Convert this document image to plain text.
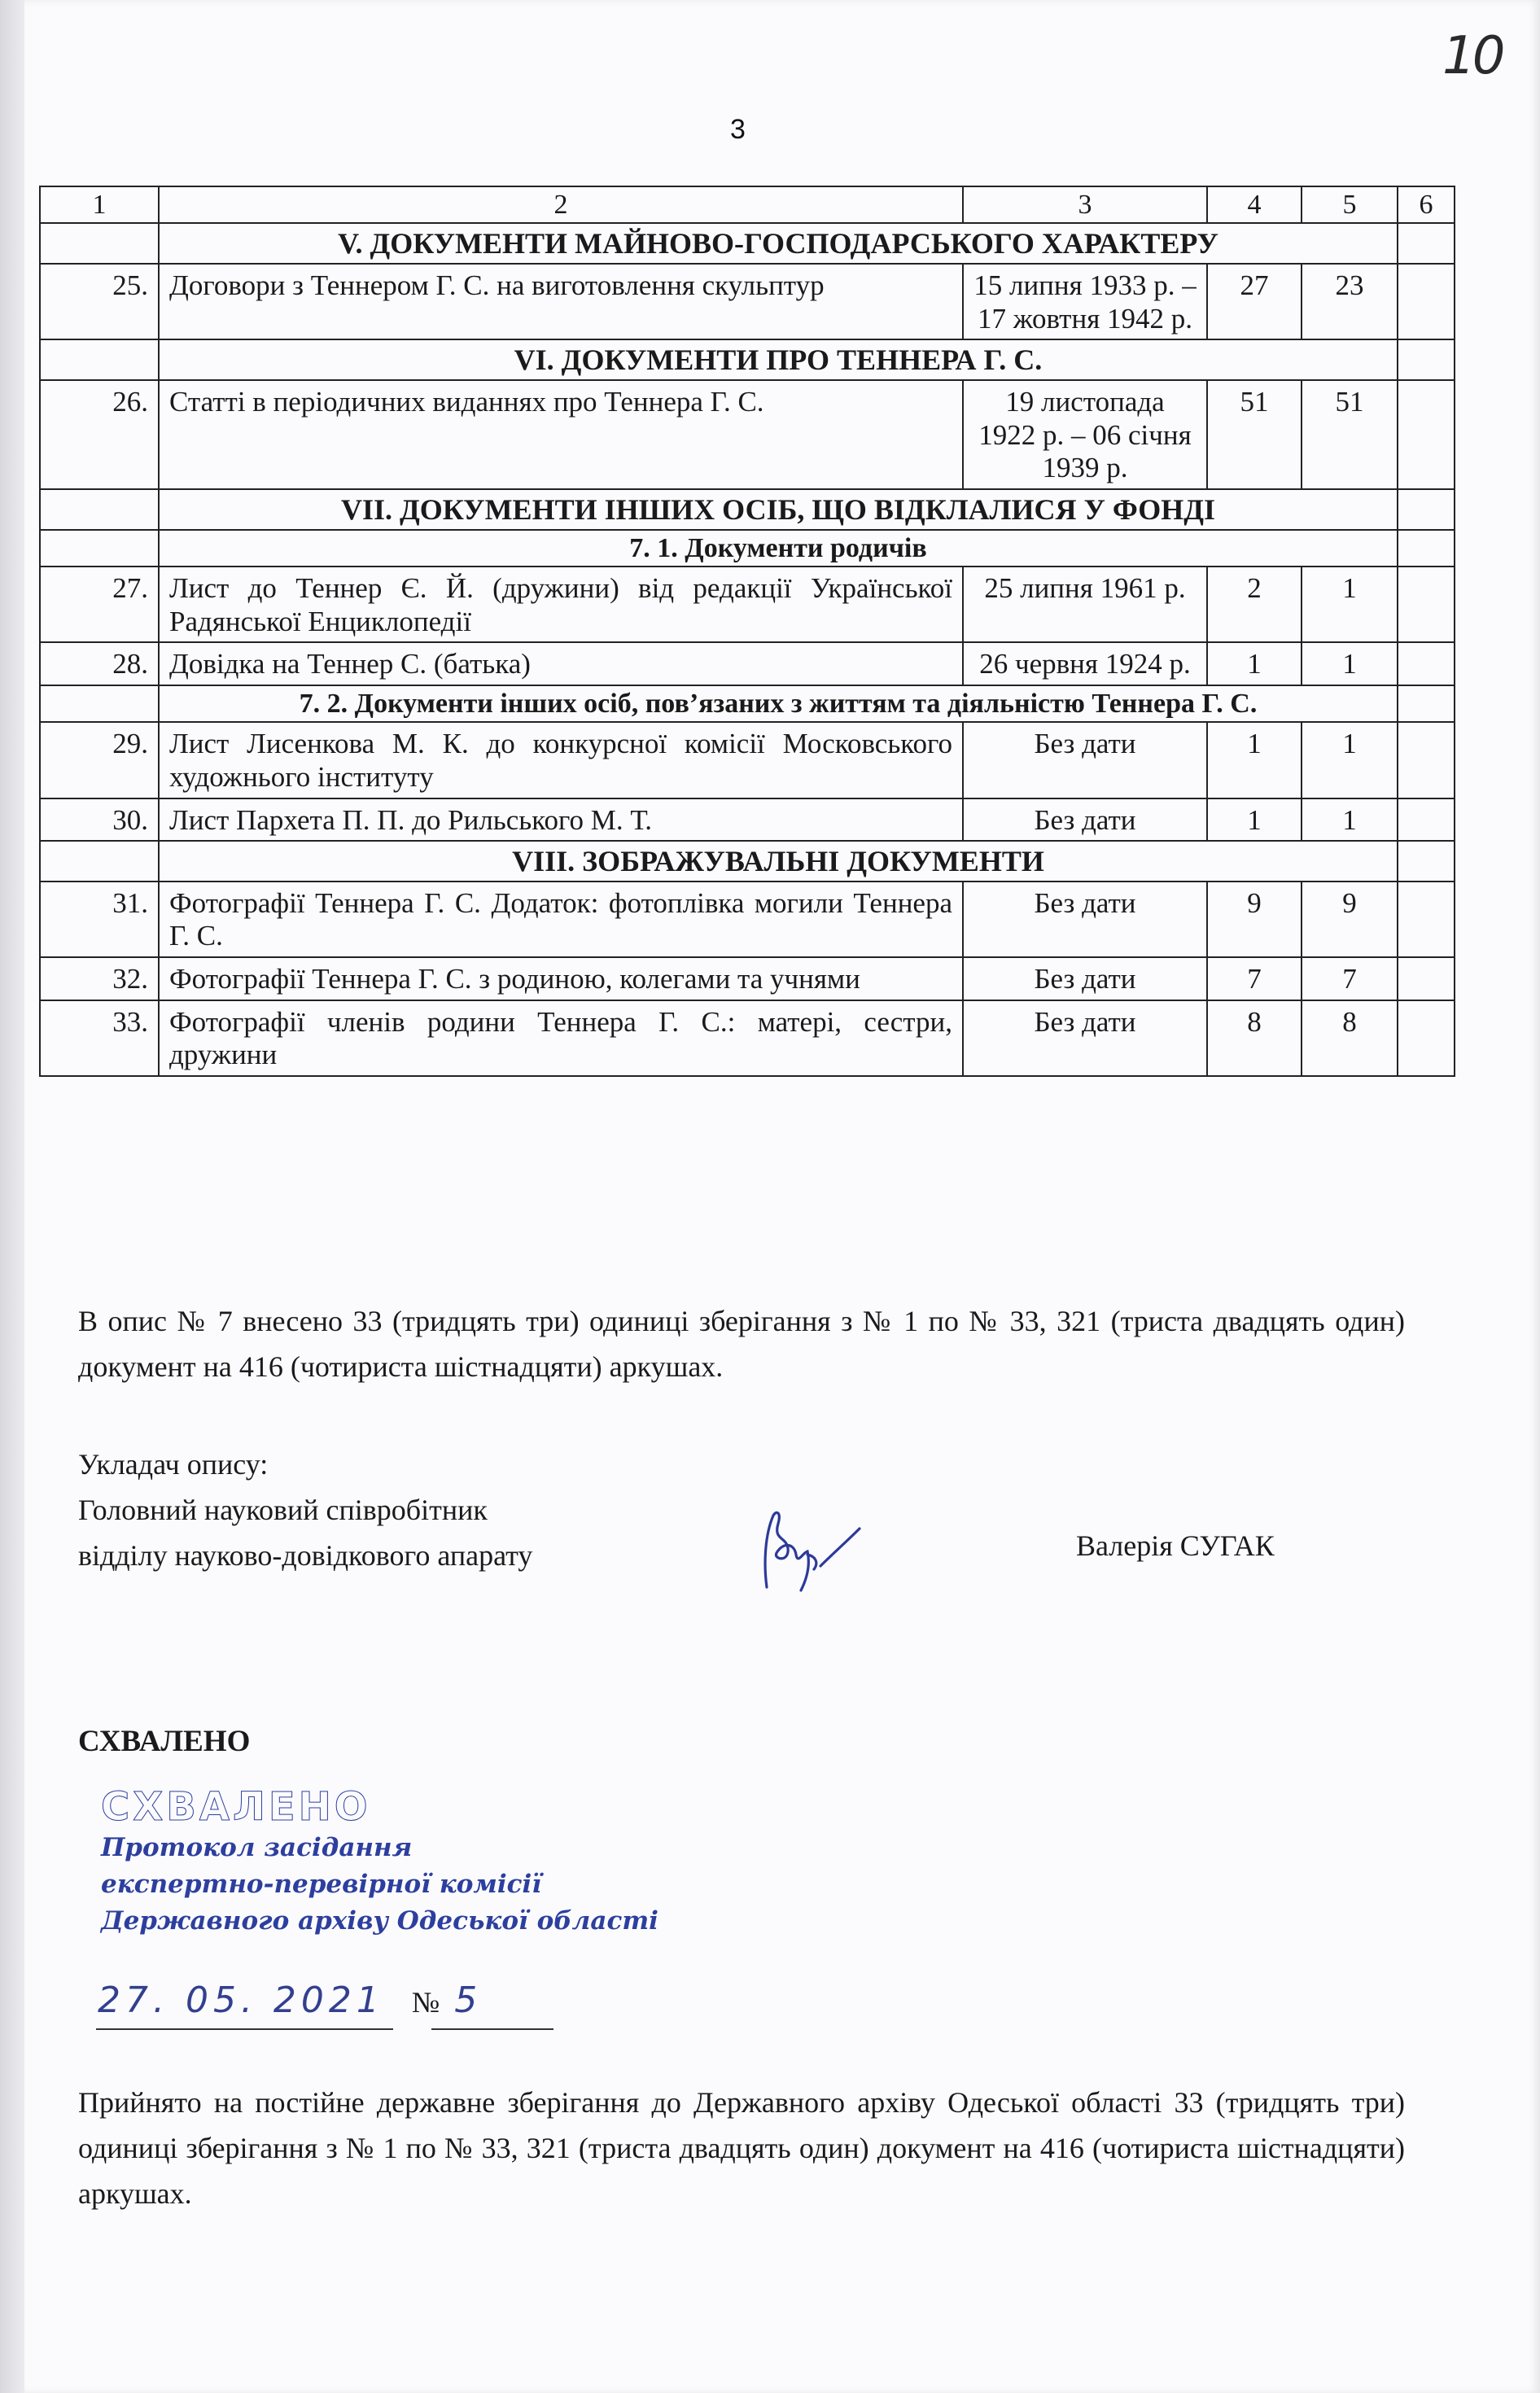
10
3
1	2	3	4	5	6
	V. ДОКУМЕНТИ МАЙНОВО-ГОСПОДАРСЬКОГО ХАРАКТЕРУ				
25.	Договори з Теннером Г. С. на виготовлення скульптур	15 липня 1933 р. – 17 жовтня 1942 р.	27	23	
	VI. ДОКУМЕНТИ ПРО ТЕННЕРА Г. С.				
26.	Статті в періодичних виданнях про Теннера Г. С.	19 листопада 1922 р. – 06 січня 1939 р.	51	51	
	VII. ДОКУМЕНТИ ІНШИХ ОСІБ, ЩО ВІДКЛАЛИСЯ У ФОНДІ				
	7. 1. Документи родичів				
27.	Лист до Теннер Є. Й. (дружини) від редакції Української Радянської Енциклопедії	25 липня 1961 р.	2	1	
28.	Довідка на Теннер С. (батька)	26 червня 1924 р.	1	1	
	7. 2. Документи інших осіб, пов’язаних з життям та діяльністю Теннера Г. С.				
29.	Лист Лисенкова М. К. до конкурсної комісії Московського художнього інституту	Без дати	1	1	
30.	Лист Пархета П. П. до Рильського М. Т.	Без дати	1	1	
	VIII. ЗОБРАЖУВАЛЬНІ ДОКУМЕНТИ				
31.	Фотографії Теннера Г. С. Додаток: фотоплівка могили Теннера Г. С.	Без дати	9	9	
32.	Фотографії Теннера Г. С. з родиною, колегами та учнями	Без дати	7	7	
33.	Фотографії членів родини Теннера Г. С.: матері, сестри, дружини	Без дати	8	8	
В опис № 7 внесено 33 (тридцять три) одиниці зберігання з № 1 по № 33, 321 (триста двадцять один) документ на 416 (чотириста шістнадцяти) аркушах.
Укладач опису:
Головний науковий співробітник
відділу науково-довідкового апарату	Валерія СУГАК
СХВАЛЕНО
СХВАЛЕНО
Протокол засідання
експертно-перевірної комісії
Державного архіву Одеської області
27. 05. 2021 № 5
Прийнято на постійне державне зберігання до Державного архіву Одеської області 33 (тридцять три) одиниці зберігання з № 1 по № 33, 321 (триста двадцять один) документ на 416 (чотириста шістнадцяти) аркушах.
